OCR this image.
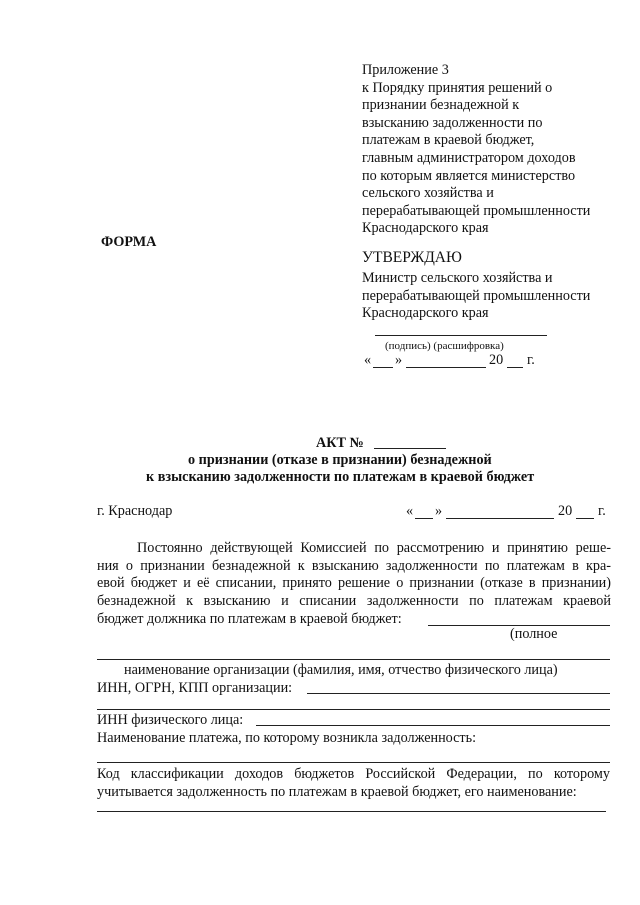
Приложение 3
к Порядку принятия решений о
признании безнадежной к
взысканию задолженности по
платежам в краевой бюджет,
главным администратором доходов
по которым является министерство
сельского хозяйства и
перерабатывающей промышленности
Краснодарского края
ФОРМА
УТВЕРЖДАЮ
Министр сельского хозяйства и
перерабатывающей промышленности
Краснодарского края
(подпись) (расшифровка)
« »	20 г.
АКТ №
о признании (отказе в признании) безнадежной
к взысканию задолженности по платежам в краевой бюджет
г. Краснодар	« »	20 г.
Постоянно действующей Комиссией по рассмотрению и принятию реше-
ния о признании безнадежной к взысканию задолженности по платежам в кра-
евой бюджет и её списании, принято решение о признании (отказе в признании)
безнадежной к взысканию и списании задолженности по платежам краевой
бюджет должника по платежам в краевой бюджет:
(полное
наименование организации (фамилия, имя, отчество физического лица)
ИНН, ОГРН, КПП организации:
ИНН физического лица:
Наименование платежа, по которому возникла задолженность:
Код классификации доходов бюджетов Российской Федерации, по которому
учитывается задолженность по платежам в краевой бюджет, его наименование:
